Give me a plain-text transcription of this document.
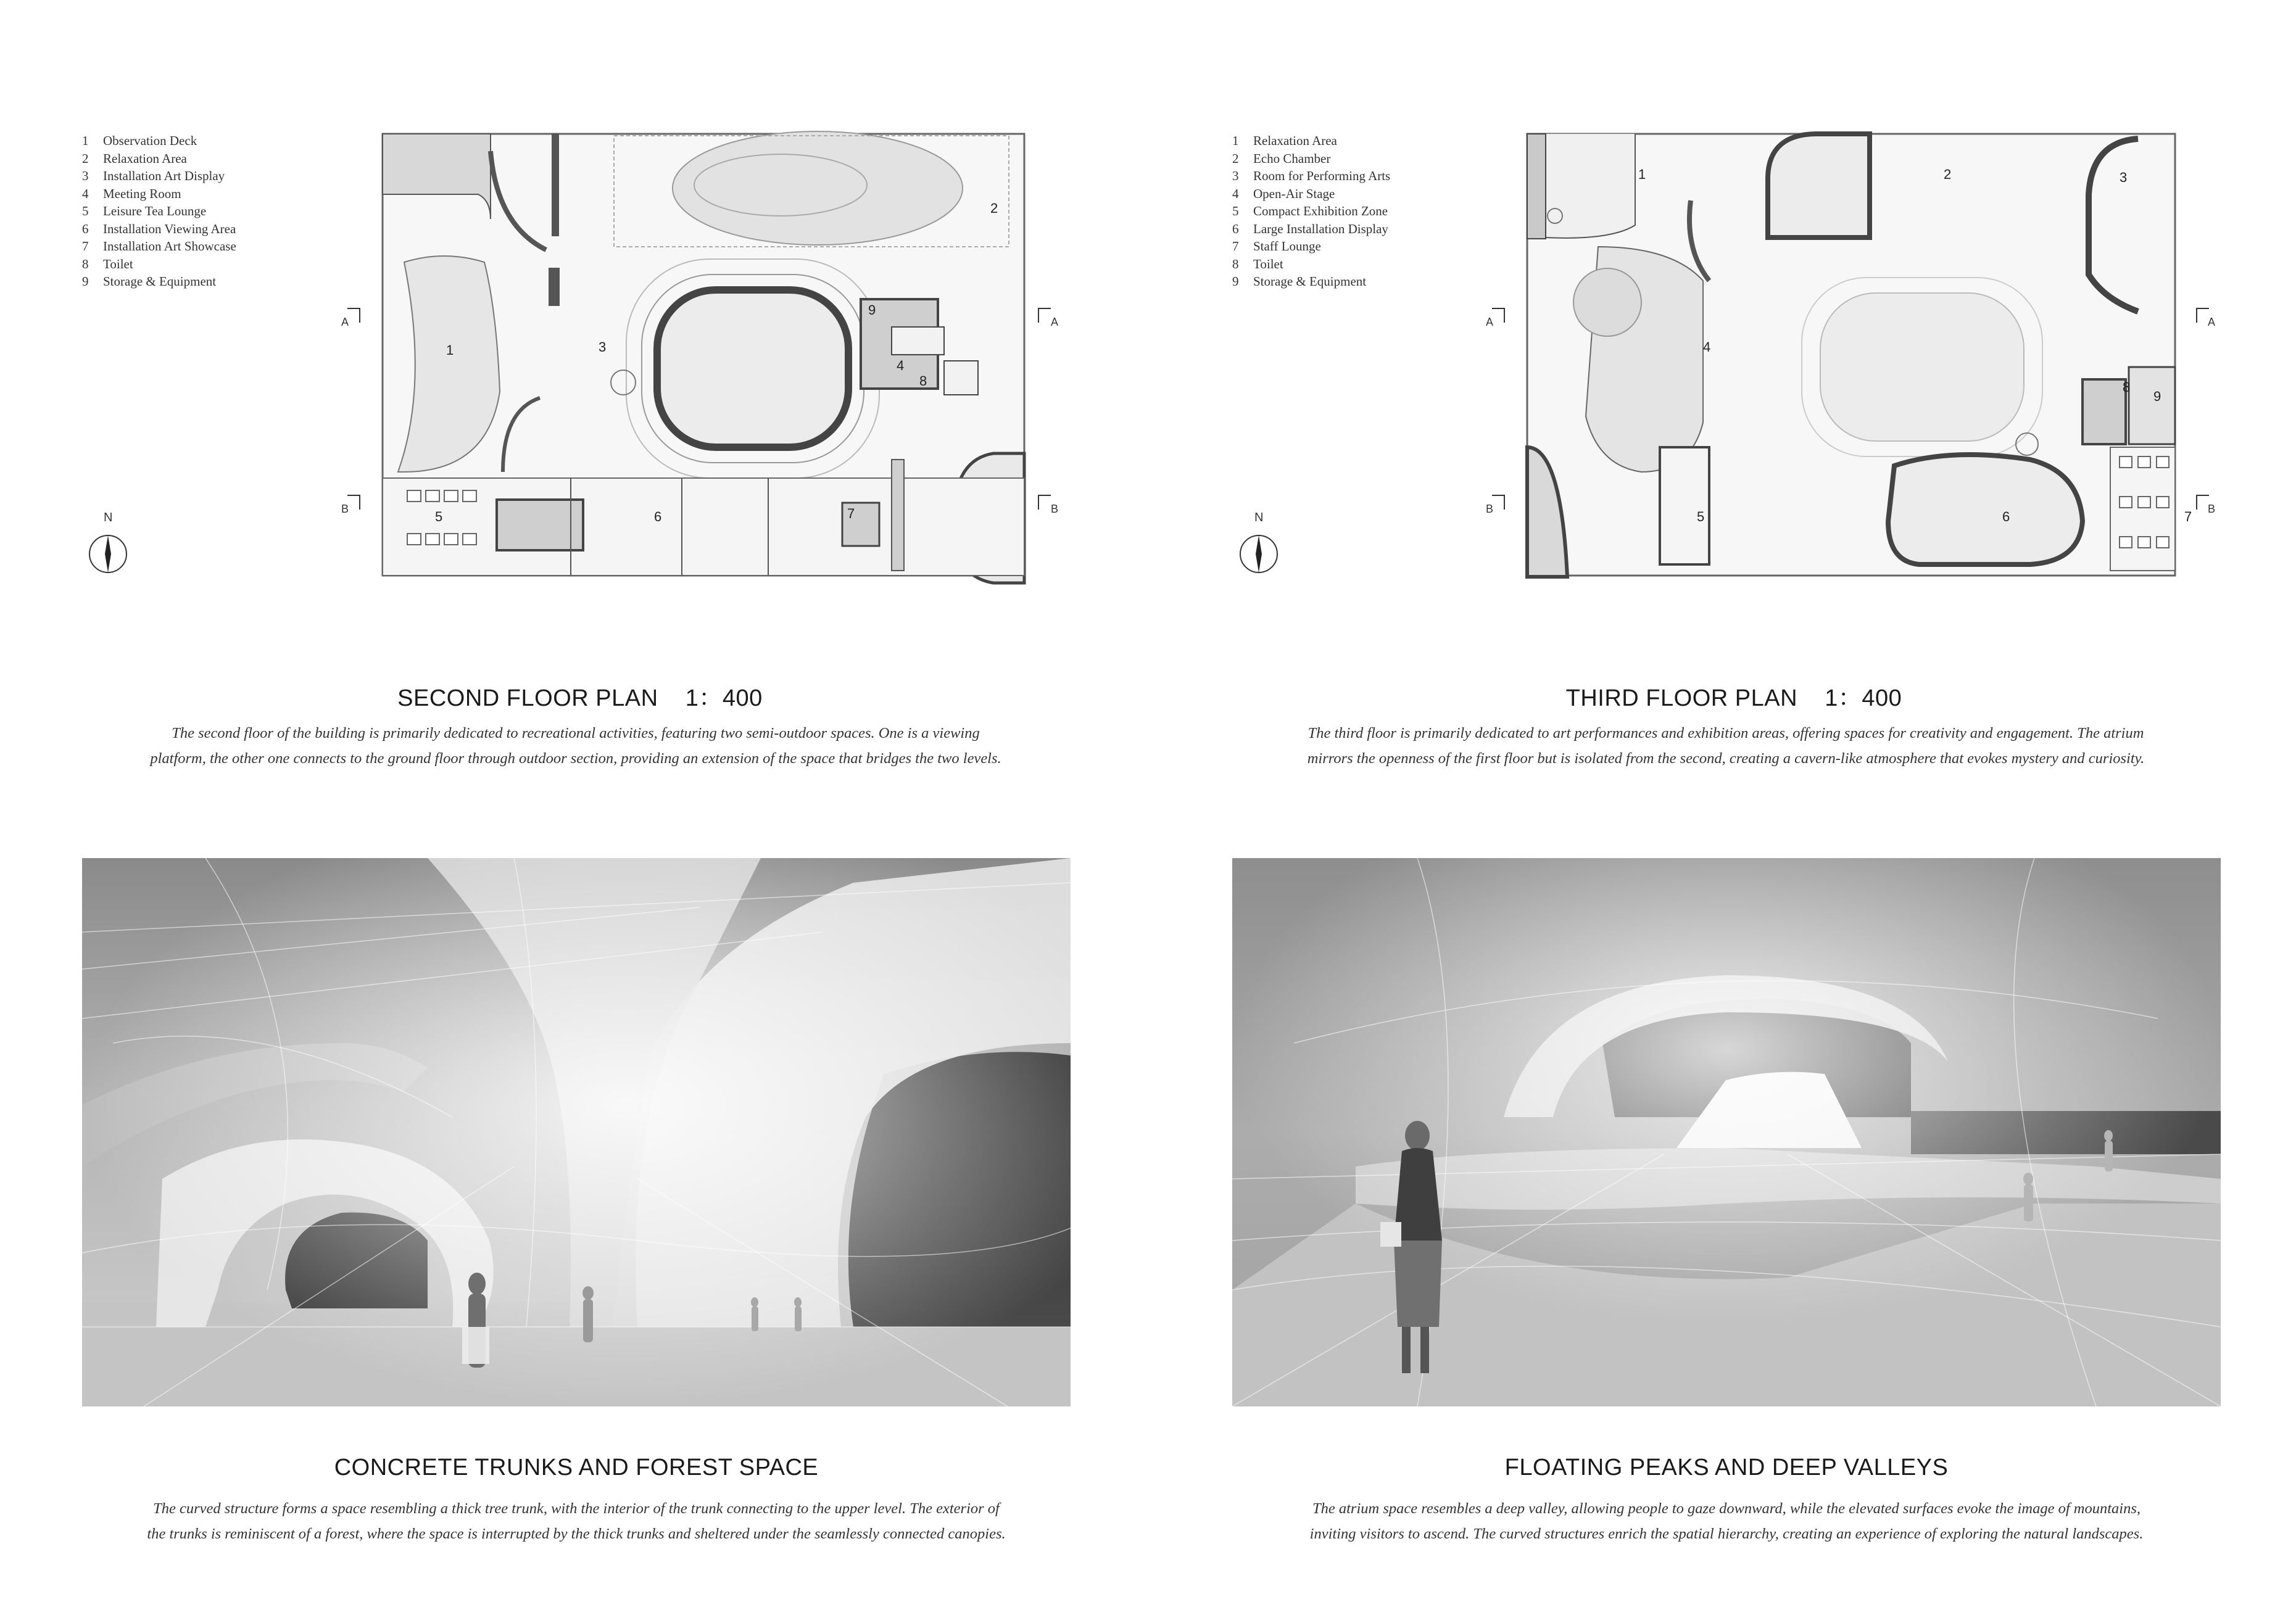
1	Observation Deck
2	Relaxation Area
3	Installation Art Display
4	Meeting Room
5	Leisure Tea Lounge
6	Installation Viewing Area
7	Installation Art Showcase
8	Toilet
9	Storage & Equipment
1
2
3
4
5	6	7
8
9
A	A
B	B
N
1	Relaxation Area
2	Echo Chamber
3	Room for Performing Arts
4	Open-Air Stage
5	Compact Exhibition Zone
6	Large Installation Display
7	Staff Lounge
8	Toilet
9	Storage & Equipment
1	2	3
4
5	6	7
8
9
A	A
B	B
N
SECOND FLOOR PLAN 1：400
The second floor of the building is primarily dedicated to recreational activities, featuring two semi-outdoor spaces. One is a viewing
platform, the other one connects to the ground floor through outdoor section, providing an extension of the space that bridges the two levels.
THIRD FLOOR PLAN 1：400
The third floor is primarily dedicated to art performances and exhibition areas, offering spaces for creativity and engagement. The atrium
mirrors the openness of the first floor but is isolated from the second, creating a cavern-like atmosphere that evokes mystery and curiosity.
CONCRETE TRUNKS AND FOREST SPACE
The curved structure forms a space resembling a thick tree trunk, with the interior of the trunk connecting to the upper level. The exterior of
the trunks is reminiscent of a forest, where the space is interrupted by the thick trunks and sheltered under the seamlessly connected canopies.
FLOATING PEAKS AND DEEP VALLEYS
The atrium space resembles a deep valley, allowing people to gaze downward, while the elevated surfaces evoke the image of mountains,
inviting visitors to ascend. The curved structures enrich the spatial hierarchy, creating an experience of exploring the natural landscapes.
